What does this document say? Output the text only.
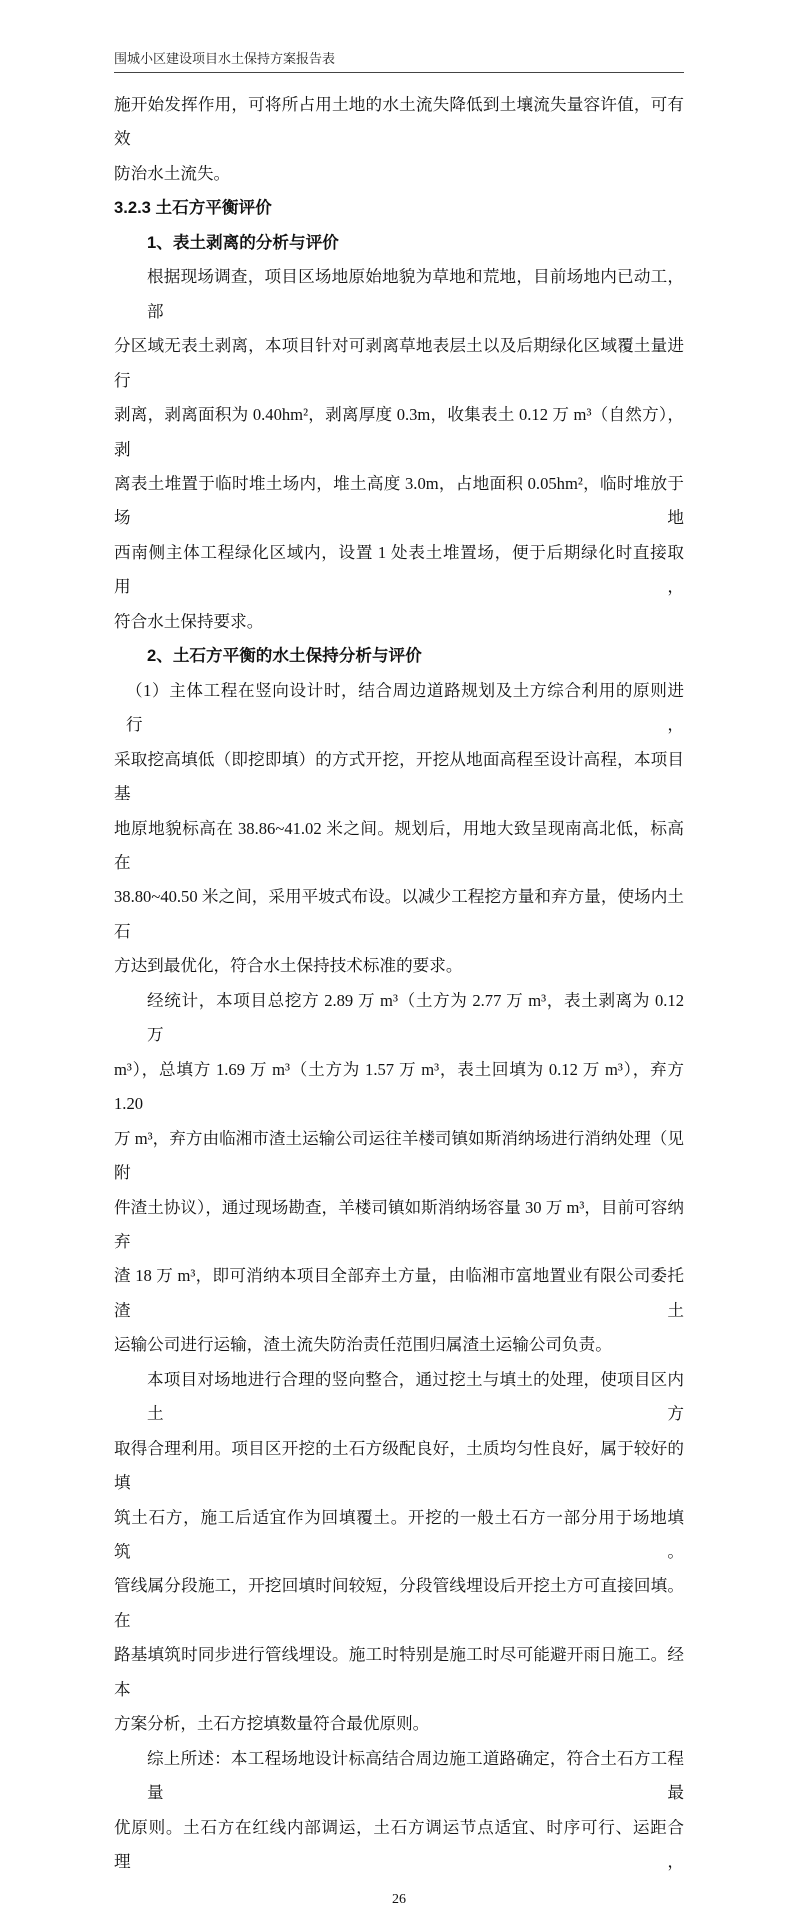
围城小区建设项目水土保持方案报告表
施开始发挥作用，可将所占用土地的水土流失降低到土壤流失量容许值，可有效
防治水土流失。
3.2.3 土石方平衡评价
1、表土剥离的分析与评价
根据现场调查，项目区场地原始地貌为草地和荒地，目前场地内已动工，部
分区域无表土剥离，本项目针对可剥离草地表层土以及后期绿化区域覆土量进行
剥离，剥离面积为 0.40hm²，剥离厚度 0.3m，收集表土 0.12 万 m³（自然方），剥
离表土堆置于临时堆土场内，堆土高度 3.0m，占地面积 0.05hm²，临时堆放于场地
西南侧主体工程绿化区域内，设置 1 处表土堆置场，便于后期绿化时直接取用，
符合水土保持要求。
2、土石方平衡的水土保持分析与评价
（1）主体工程在竖向设计时，结合周边道路规划及土方综合利用的原则进行，
采取挖高填低（即挖即填）的方式开挖，开挖从地面高程至设计高程，本项目基
地原地貌标高在 38.86~41.02 米之间。规划后，用地大致呈现南高北低，标高在
38.80~40.50 米之间，采用平坡式布设。以减少工程挖方量和弃方量，使场内土石
方达到最优化，符合水土保持技术标准的要求。
经统计，本项目总挖方 2.89 万 m³（土方为 2.77 万 m³，表土剥离为 0.12 万
m³），总填方 1.69 万 m³（土方为 1.57 万 m³，表土回填为 0.12 万 m³），弃方 1.20
万 m³，弃方由临湘市渣土运输公司运往羊楼司镇如斯消纳场进行消纳处理（见附
件渣土协议），通过现场勘查，羊楼司镇如斯消纳场容量 30 万 m³，目前可容纳弃
渣 18 万 m³，即可消纳本项目全部弃土方量，由临湘市富地置业有限公司委托渣土
运输公司进行运输，渣土流失防治责任范围归属渣土运输公司负责。
本项目对场地进行合理的竖向整合，通过挖土与填土的处理，使项目区内土方
取得合理利用。项目区开挖的土石方级配良好，土质均匀性良好，属于较好的填
筑土石方，施工后适宜作为回填覆土。开挖的一般土石方一部分用于场地填筑。
管线属分段施工，开挖回填时间较短，分段管线埋设后开挖土方可直接回填。在
路基填筑时同步进行管线埋设。施工时特别是施工时尽可能避开雨日施工。经本
方案分析，土石方挖填数量符合最优原则。
综上所述：本工程场地设计标高结合周边施工道路确定，符合土石方工程量最
优原则。土石方在红线内部调运，土石方调运节点适宜、时序可行、运距合理，
26
